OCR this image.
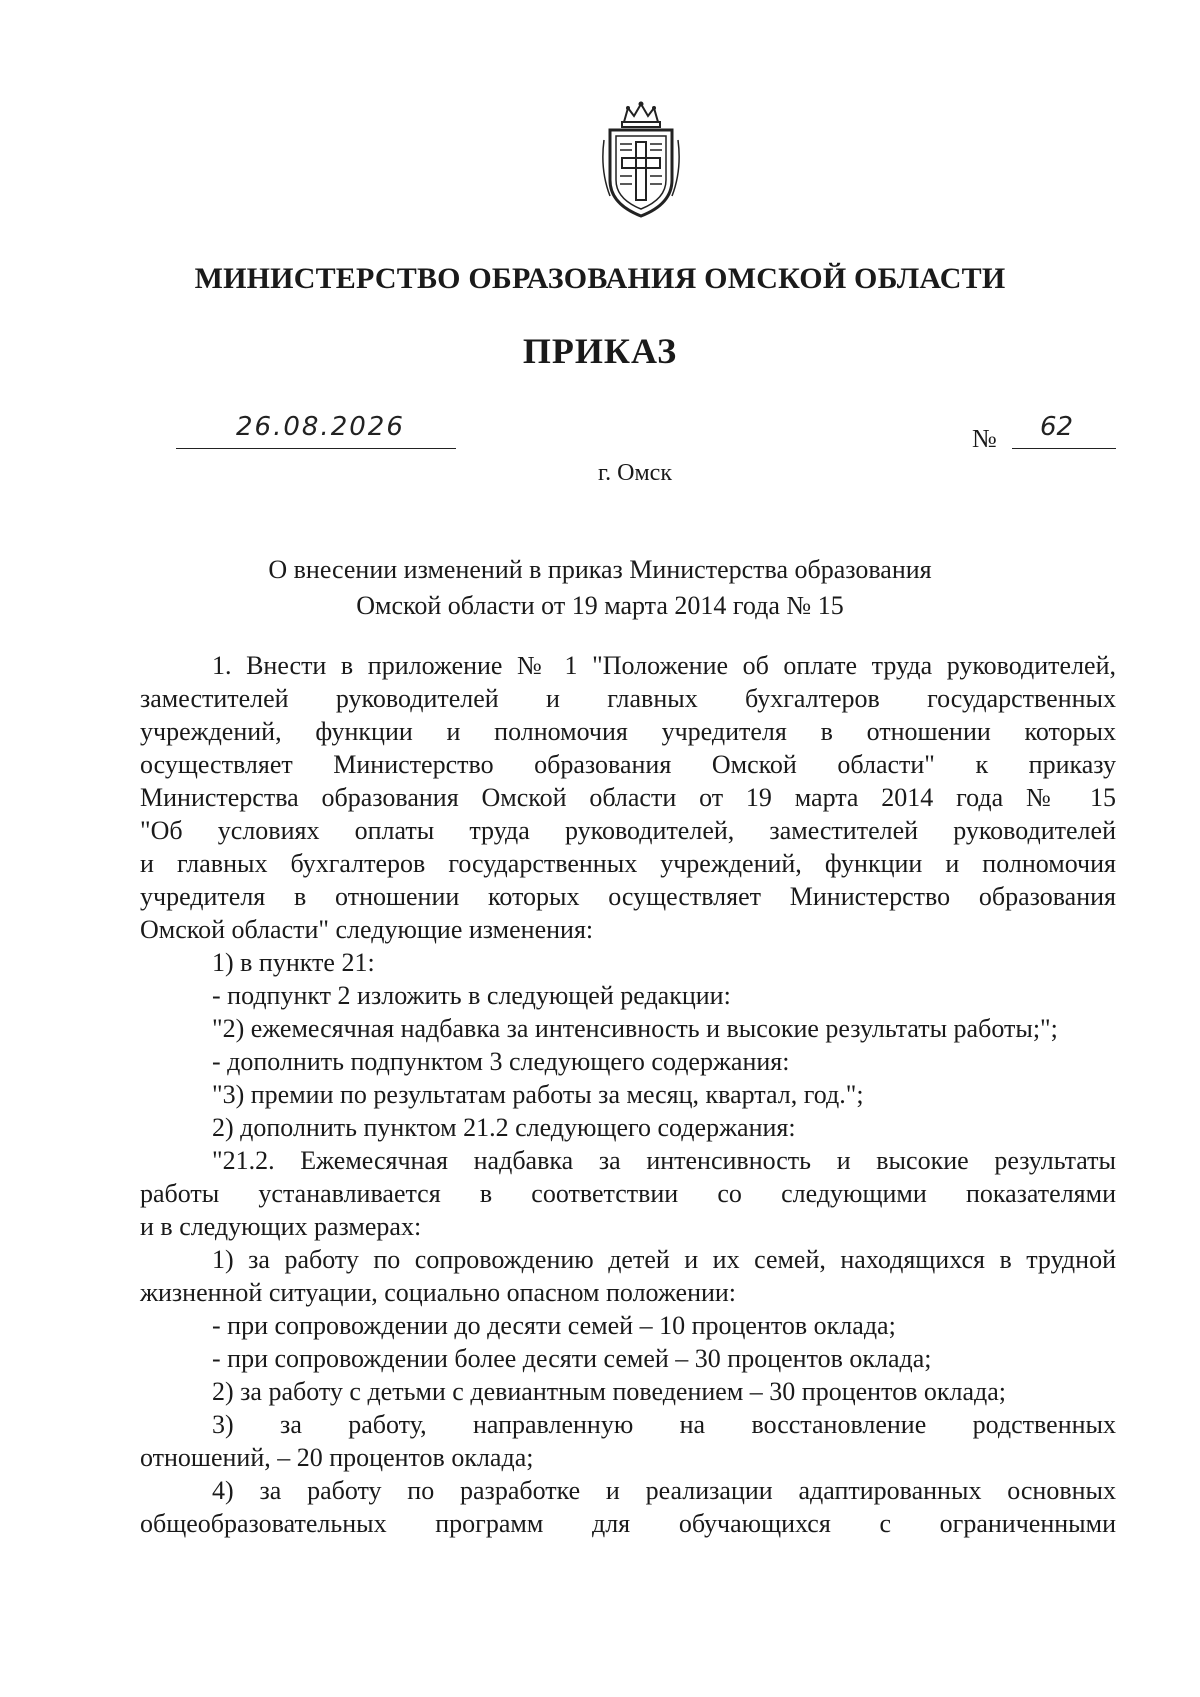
МИНИСТЕРСТВО ОБРАЗОВАНИЯ ОМСКОЙ ОБЛАСТИ
ПРИКАЗ
26.08.2026	№ 62
г. Омск
О внесении изменений в приказ Министерства образования
Омской области от 19 марта 2014 года № 15

1. Внести в приложение № 1 "Положение об оплате труда руководителей,

заместителей руководителей и главных бухгалтеров государственных

учреждений, функции и полномочия учредителя в отношении которых

осуществляет Министерство образования Омской области" к приказу

Министерства образования Омской области от 19 марта 2014 года № 15

"Об условиях оплаты труда руководителей, заместителей руководителей

и главных бухгалтеров государственных учреждений, функции и полномочия

учредителя в отношении которых осуществляет Министерство образования

Омской области" следующие изменения:

1) в пункте 21:

- подпункт 2 изложить в следующей редакции:

"2) ежемесячная надбавка за интенсивность и высокие результаты работы;";

- дополнить подпунктом 3 следующего содержания:

"3) премии по результатам работы за месяц, квартал, год.";

2) дополнить пунктом 21.2 следующего содержания:

"21.2. Ежемесячная надбавка за интенсивность и высокие результаты

работы устанавливается в соответствии со следующими показателями

и в следующих размерах:

1) за работу по сопровождению детей и их семей, находящихся в трудной

жизненной ситуации, социально опасном положении:

- при сопровождении до десяти семей – 10 процентов оклада;

- при сопровождении более десяти семей – 30 процентов оклада;

2) за работу с детьми с девиантным поведением – 30 процентов оклада;

3) за работу, направленную на восстановление родственных

отношений, – 20 процентов оклада;

4) за работу по разработке и реализации адаптированных основных

общеобразовательных программ для обучающихся с ограниченными
